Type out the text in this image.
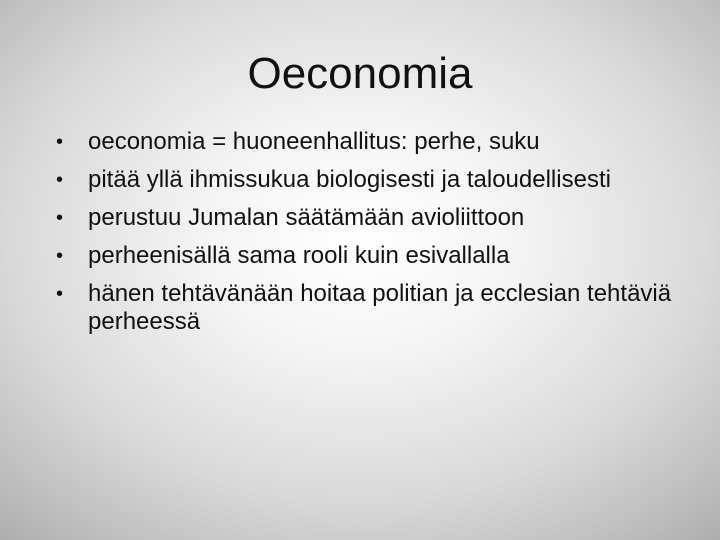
Oeconomia
• oeconomia = huoneenhallitus: perhe, suku
• pitää yllä ihmissukua biologisesti ja taloudellisesti
• perustuu Jumalan säätämään avioliittoon
• perheenisällä sama rooli kuin esivallalla
• hänen tehtävänään hoitaa politian ja ecclesian tehtäviä perheessä
